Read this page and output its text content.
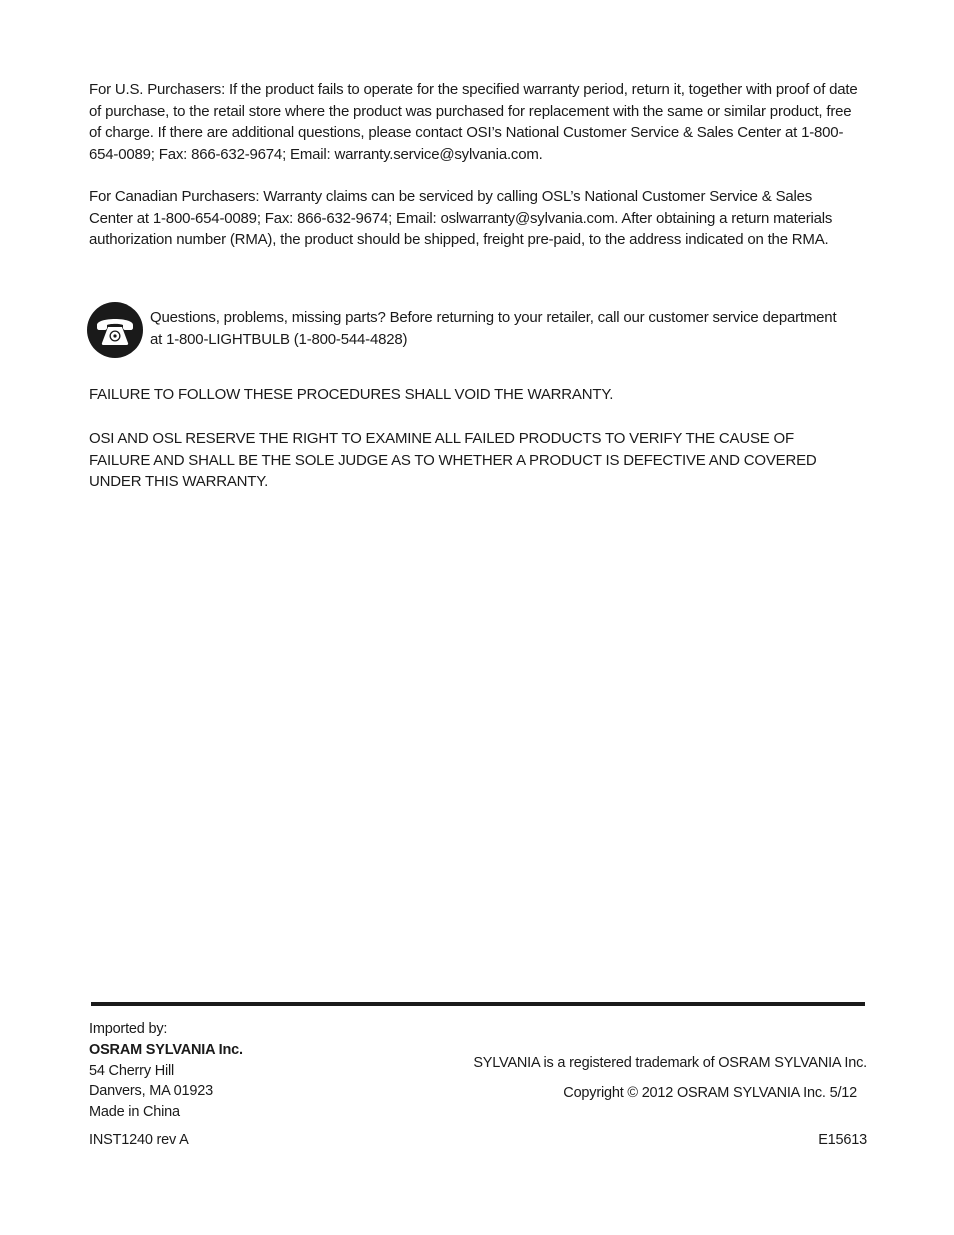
For U.S. Purchasers: If the product fails to operate for the specified warranty period, return it, together with proof of date of purchase, to the retail store where the product was purchased for replacement with the same or similar product, free of charge. If there are additional questions, please contact OSI’s National Customer Service & Sales Center at 1-800-654-0089; Fax: 866-632-9674; Email: warranty.service@sylvania.com.

For Canadian Purchasers: Warranty claims can be serviced by calling OSL’s National Customer Service & Sales Center at 1-800-654-0089; Fax: 866-632-9674; Email: oslwarranty@sylvania.com. After obtaining a return materials authorization number (RMA), the product should be shipped, freight pre-paid, to the address indicated on the RMA.

Questions, problems, missing parts? Before returning to your retailer, call our customer service department at 1-800-LIGHTBULB (1-800-544-4828)

FAILURE TO FOLLOW THESE PROCEDURES SHALL VOID THE WARRANTY.

OSI AND OSL RESERVE THE RIGHT TO EXAMINE ALL FAILED PRODUCTS TO VERIFY THE CAUSE OF FAILURE AND SHALL BE THE SOLE JUDGE AS TO WHETHER A PRODUCT IS DEFECTIVE AND COVERED UNDER THIS WARRANTY.

Imported by:
OSRAM SYLVANIA Inc.
54 Cherry Hill
Danvers, MA 01923
Made in China
INST1240 rev A
SYLVANIA is a registered trademark of OSRAM SYLVANIA Inc.
Copyright © 2012 OSRAM SYLVANIA Inc. 5/12
E15613
